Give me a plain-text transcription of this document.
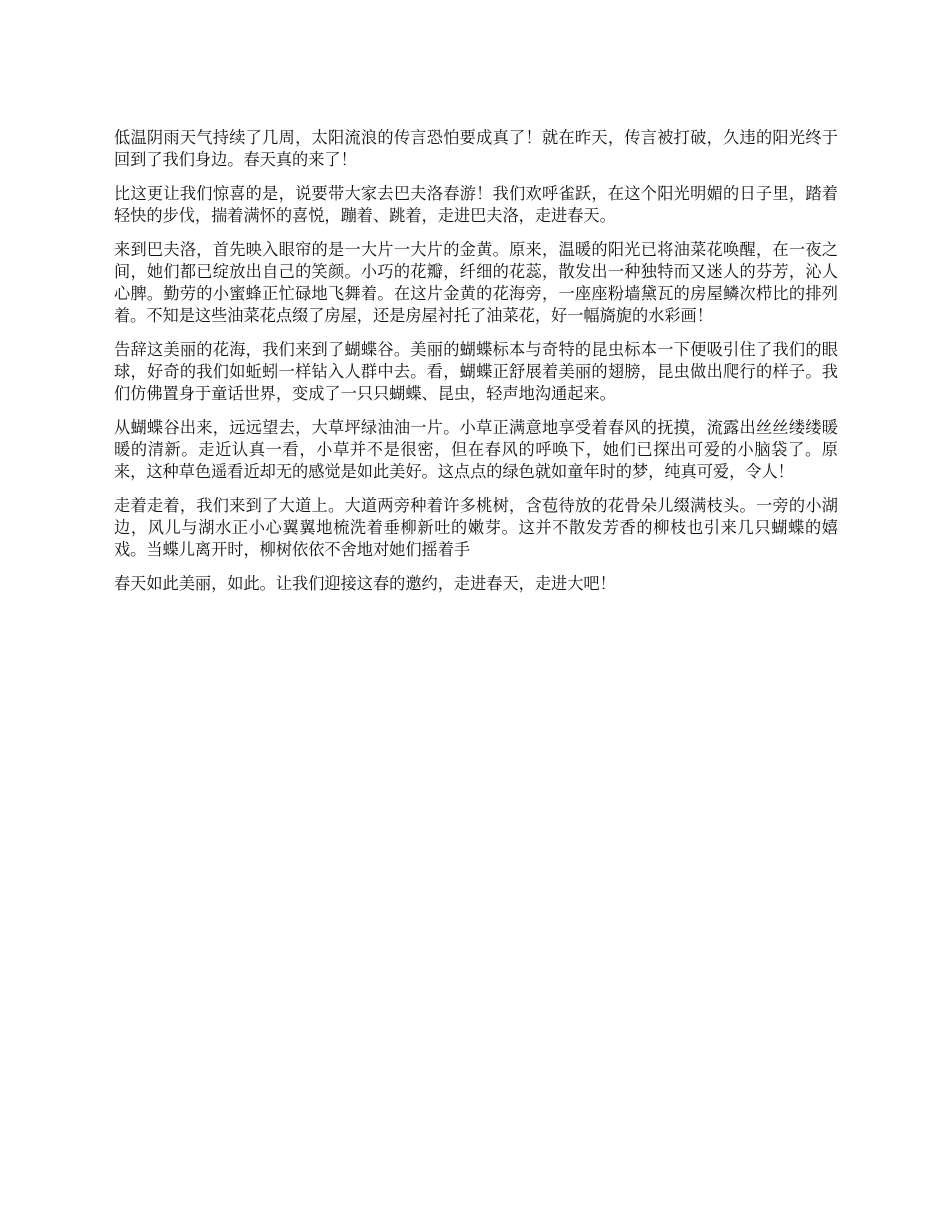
低温阴雨天气持续了几周，太阳流浪的传言恐怕要成真了！就在昨天，传言被打破，久违的阳光终于回到了我们身边。春天真的来了！

比这更让我们惊喜的是，说要带大家去巴夫洛春游！我们欢呼雀跃，在这个阳光明媚的日子里，踏着轻快的步伐，揣着满怀的喜悦，蹦着、跳着，走进巴夫洛，走进春天。

来到巴夫洛，首先映入眼帘的是一大片一大片的金黄。原来，温暖的阳光已将油菜花唤醒，在一夜之间，她们都已绽放出自己的笑颜。小巧的花瓣，纤细的花蕊，散发出一种独特而又迷人的芬芳，沁人心脾。勤劳的小蜜蜂正忙碌地飞舞着。在这片金黄的花海旁，一座座粉墙黛瓦的房屋鳞次栉比的排列着。不知是这些油菜花点缀了房屋，还是房屋衬托了油菜花，好一幅旖旎的水彩画！

告辞这美丽的花海，我们来到了蝴蝶谷。美丽的蝴蝶标本与奇特的昆虫标本一下便吸引住了我们的眼球，好奇的我们如蚯蚓一样钻入人群中去。看，蝴蝶正舒展着美丽的翅膀，昆虫做出爬行的样子。我们仿佛置身于童话世界，变成了一只只蝴蝶、昆虫，轻声地沟通起来。

从蝴蝶谷出来，远远望去，大草坪绿油油一片。小草正满意地享受着春风的抚摸，流露出丝丝缕缕暖暖的清新。走近认真一看，小草并不是很密，但在春风的呼唤下，她们已探出可爱的小脑袋了。原来，这种草色遥看近却无的感觉是如此美好。这点点的绿色就如童年时的梦，纯真可爱，令人！

走着走着，我们来到了大道上。大道两旁种着许多桃树，含苞待放的花骨朵儿缀满枝头。一旁的小湖边，风儿与湖水正小心翼翼地梳洗着垂柳新吐的嫩芽。这并不散发芳香的柳枝也引来几只蝴蝶的嬉戏。当蝶儿离开时，柳树依依不舍地对她们摇着手

春天如此美丽，如此。让我们迎接这春的邀约，走进春天，走进大吧！
